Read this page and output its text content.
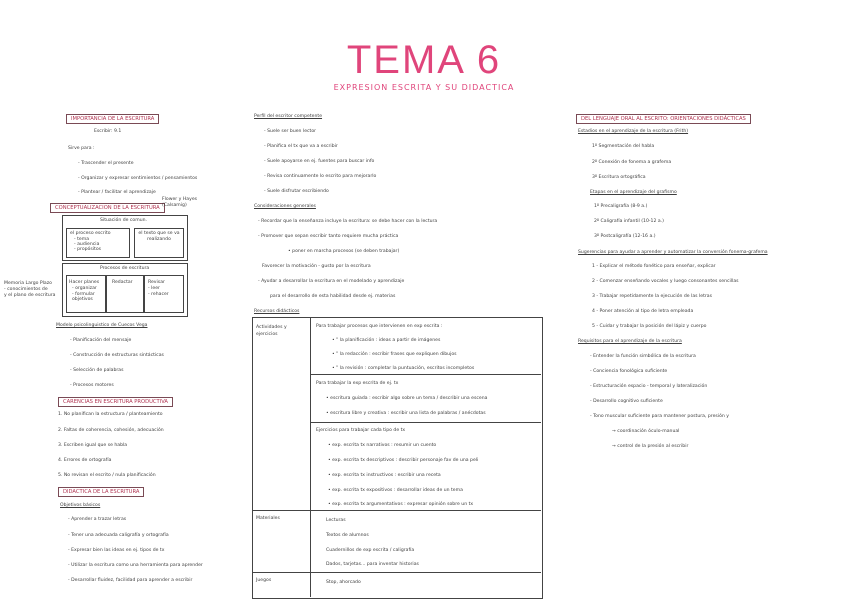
TEMA 6
EXPRESION ESCRITA Y SU DIDACTICA
IMPORTANCIA DE LA ESCRITURA
Escribir: 9.1
Sirve para :
- Trascender el presente
- Organizar y expresar sentimientos / pensamientos
- Plantear / facilitar el aprendizaje
CONCEPTUALIZACION DE LA ESCRITURA
Flower y Hayes (Calsamig)
Situación de comun.
el proceso escrito
- tema
- audiencia
- propósitos
el texto que se va realizando
Memoria Largo Plazo
- conocimientos de
y el plano de escritura
Procesos de escritura
Hacer planes
- organizar
- formular objetivos
Redactar	Revisar
- leer
- rehacer
Modelo psicolinguistico de Cuecos Vega
- Planificación del mensaje
- Construcción de estructuras sintácticas
- Selección de palabras
- Procesos motores
CARENCIAS EN ESCRITURA PRODUCTIVA
1. No planifican la estructura / planteamiento
2. Faltas de coherencia, cohesión, adecuación
3. Escriben igual que se habla
4. Errores de ortografía
5. No revisan el escrito / nula planificación
DIDACTICA DE LA ESCRITURA
Objetivos básicos
- Aprender a trazar letras
- Tener una adecuada caligrafía y ortografía
- Expresar bien las ideas en ej. tipos de tx
- Utilizar la escritura como una herramienta para aprender
- Desarrollar fluidez, facilidad para aprender a escribir
Perfil del escritor competente
- Suele ser buen lector
- Planifica el tx que va a escribir
- Suele apoyarse en ej. fuentes para buscar info
- Revisa continuamente lo escrito para mejorarlo
- Suele disfrutar escribiendo
Consideraciones generales
- Recordar que la enseñanza incluye la escritura: se debe hacer con la lectura
- Promover que sepan escribir tanto requiere mucha práctica
• poner en marcha procesos (se deben trabajar)
Favorecer la motivación - gusto por la escritura
- Ayudar a desarrollar la escritura en el modelado y aprendizaje
para el desarrollo de esta habilidad desde ej. materias
Recursos didácticos
Actividades y ejercicios
Para trabajar procesos que intervienen en exp escrita :
• " la planificación : ideas a partir de imágenes
• " la redacción : escribir frases que expliquen dibujos
• " la revisión : completar la puntuación, escritos incompletos
Para trabajar la exp escrita de ej. tx
• escritura guiada : escribir algo sobre un tema / describir una escena
• escritura libre y creativa : escribir una lista de palabras / anécdotas
Ejercicios para trabajar cada tipo de tx
• exp. escrita tx narrativos : resumir un cuento
• exp. escrita tx descriptivos : describir personaje fav de una peli
• exp. escrita tx instructivos : escribir una receta
• exp. escrita tx expositivos : desarrollar ideas de un tema
• exp. escrita tx argumentativos : expresar opinión sobre un tx
Materiales	Lecturas
Textos de alumnos
Cuadernillos de exp escrita / caligrafía
Dados, tarjetas... para inventar historias
Juegos	Stop, ahorcado
DEL LENGUAJE ORAL AL ESCRITO: ORIENTACIONES DIDÁCTICAS
Estadios en el aprendizaje de la escritura (Frith)
1º Segmentación del habla
2º Conexión de fonema a grafema
3º Escritura ortográfica
Etapas en el aprendizaje del grafismo
1º Precaligrafía (8-9 a.)
2º Caligrafía infantil (10-12 a.)
3º Postcaligrafía (12-16 a.)
Sugerencias para ayudar a aprender y automatizar la conversión fonema-grafema
1 - Explicar el método fonético para enseñar, explicar
2 - Comenzar enseñando vocales y luego consonantes sencillas
3 - Trabajar repetidamente la ejecución de las letras
4 - Poner atención al tipo de letra empleada
5 - Cuidar y trabajar la posición del lápiz y cuerpo
Requisitos para el aprendizaje de la escritura
- Entender la función simbólica de la escritura
- Conciencia fonológica suficiente
- Estructuración espacio - temporal y lateralización
- Desarrollo cognitivo suficiente
- Tono muscular suficiente para mantener postura, presión y
→ coordinación óculo-manual
→ control de la presión al escribir
